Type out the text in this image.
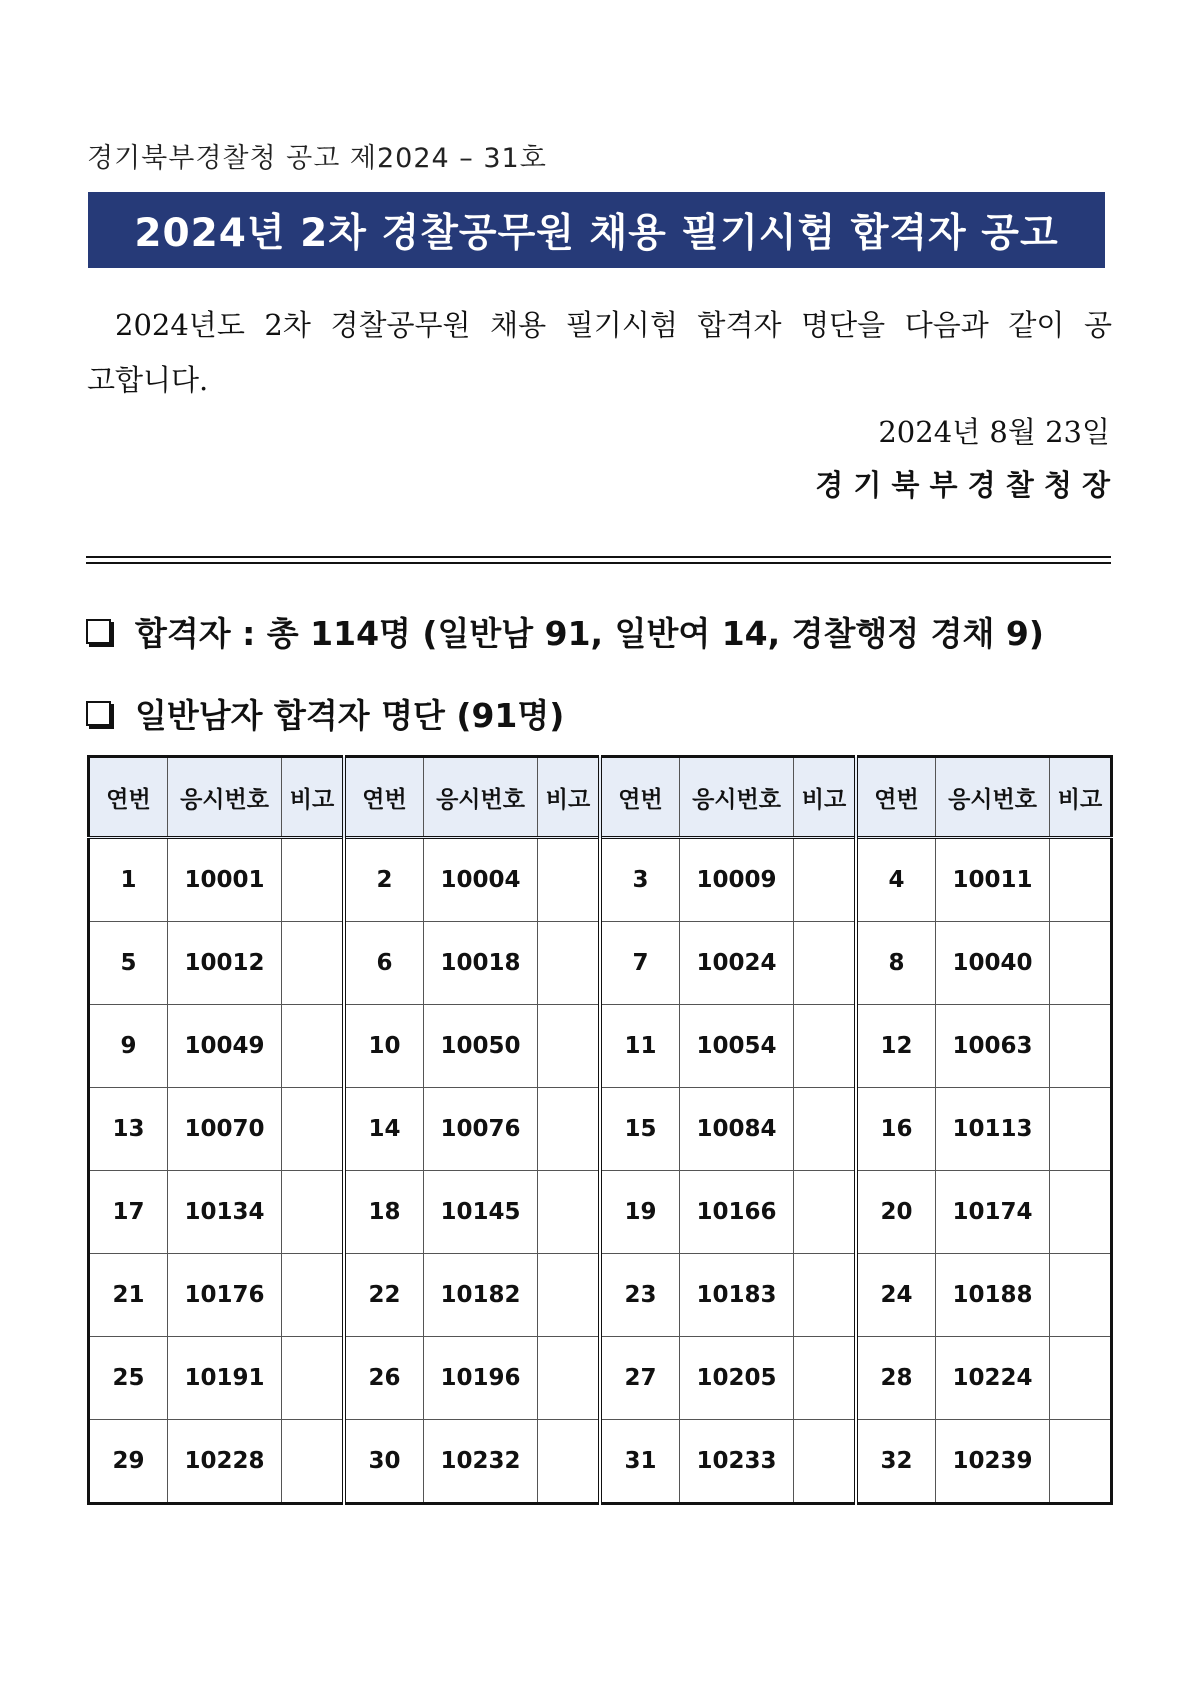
경기북부경찰청 공고 제2024 – 31호
2024년 2차 경찰공무원 채용 필기시험 합격자 공고
2024년도 2차 경찰공무원 채용 필기시험 합격자 명단을 다음과 같이 공고합니다.
2024년 8월 23일
경 기 북 부 경 찰 청 장
합격자 : 총 114명 (일반남 91, 일반여 14, 경찰행정 경채 9)
일반남자 합격자 명단 (91명)
연번	응시번호	비고	연번	응시번호	비고	연번	응시번호	비고	연번	응시번호	비고
1	10001		2	10004		3	10009		4	10011	
5	10012		6	10018		7	10024		8	10040	
9	10049		10	10050		11	10054		12	10063	
13	10070		14	10076		15	10084		16	10113	
17	10134		18	10145		19	10166		20	10174	
21	10176		22	10182		23	10183		24	10188	
25	10191		26	10196		27	10205		28	10224	
29	10228		30	10232		31	10233		32	10239	
